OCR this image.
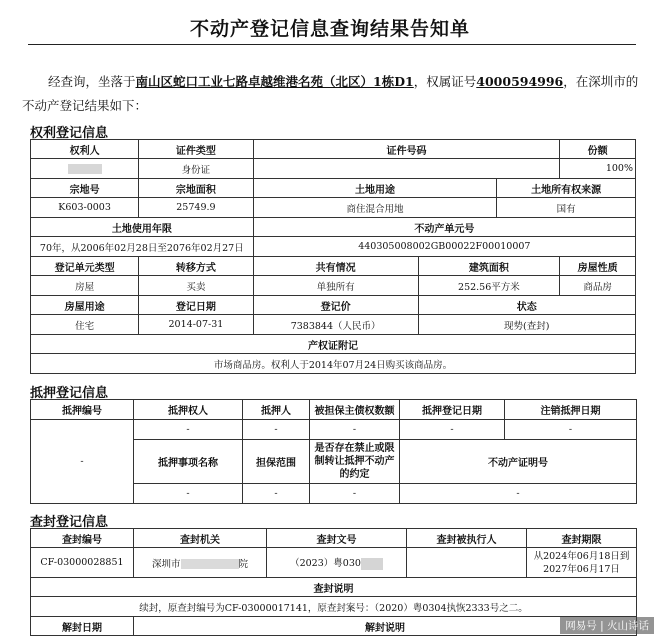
不动产登记信息查询结果告知单
经查询，坐落于南山区蛇口工业七路卓越维港名苑（北区）1栋D1，权属证号4000594996，在深圳市的不动产登记结果如下：
权利登记信息
权利人	证件类型	证件号码			份额
	身份证				100%
宗地号	宗地面积	土地用途		土地所有权来源	
K603-0003	25749.9	商住混合用地		国有	
土地使用年限		不动产单元号			
70年，从2006年02月28日至2076年02月27日		440305008002GB00022F00010007			
登记单元类型	转移方式	共有情况	建筑面积		房屋性质
房屋	买卖	单独所有	252.56平方米		商品房
房屋用途	登记日期	登记价	状态		
住宅	2014-07-31	7383844（人民币）	现势(查封)		
产权证附记					
市场商品房。权利人于2014年07月24日购买该商品房。					
抵押登记信息
抵押编号	抵押权人	抵押人	被担保主债权数额	抵押登记日期	注销抵押日期
-	-	-	-	-	-
	抵押事项名称	担保范围	是否存在禁止或限制转让抵押不动产的约定	不动产证明号	
	-	-	-	-	
查封登记信息
查封编号	查封机关	查封文号	查封被执行人	查封期限
CF-03000028851	深圳市 院	（2023）粤030		从2024年06月18日到
2027年06月17日

查封说明				
续封，原查封编号为CF-03000017141，原查封案号：（2020）粤0304执恢2333号之二。				
解封日期	解封说明				网易号 | 火山诗话
